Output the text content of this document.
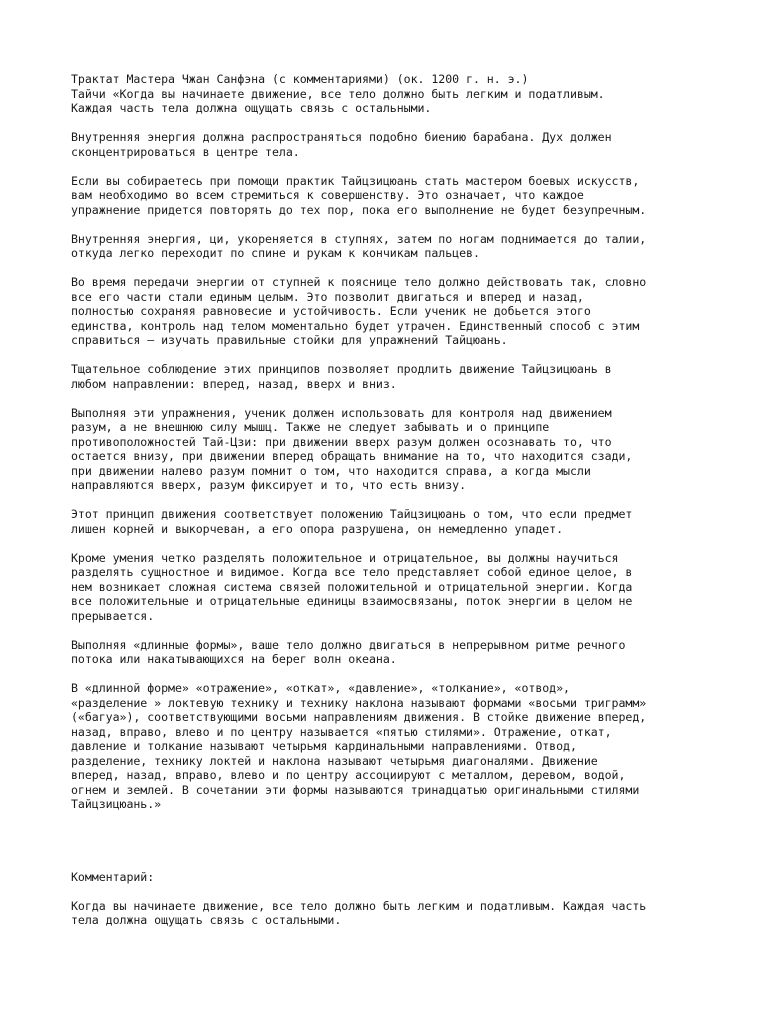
Трактат Мастера Чжан Санфэна (с комментариями) (ок. 1200 г. н. э.)

Тайчи «Когда вы начинаете движение, все тело должно быть легким и податливым.
Каждая часть тела должна ощущать связь с остальными.

Внутренняя энергия должна распространяться подобно биению барабана. Дух должен
сконцентрироваться в центре тела.

Если вы собираетесь при помощи практик Тайцзицюань стать мастером боевых искусств,
вам необходимо во всем стремиться к совершенству. Это означает, что каждое
упражнение придется повторять до тех пор, пока его выполнение не будет безупречным.

Внутренняя энергия, ци, укореняется в ступнях, затем по ногам поднимается до талии,
откуда легко переходит по спине и рукам к кончикам пальцев.

Во время передачи энергии от ступней к пояснице тело должно действовать так, словно
все его части стали единым целым. Это позволит двигаться и вперед и назад,
полностью сохраняя равновесие и устойчивость. Если ученик не добьется этого
единства, контроль над телом моментально будет утрачен. Единственный способ с этим
справиться — изучать правильные стойки для упражнений Тайцюань.

Тщательное соблюдение этих принципов позволяет продлить движение Тайцзицюань в
любом направлении: вперед, назад, вверх и вниз.

Выполняя эти упражнения, ученик должен использовать для контроля над движением
разум, а не внешнюю силу мышц. Также не следует забывать и о принципе
противоположностей Тай-Цзи: при движении вверх разум должен осознавать то, что
остается внизу, при движении вперед обращать внимание на то, что находится сзади,
при движении налево разум помнит о том, что находится справа, а когда мысли
направляются вверх, разум фиксирует и то, что есть внизу.

Этот принцип движения соответствует положению Тайцзицюань о том, что если предмет
лишен корней и выкорчеван, а его опора разрушена, он немедленно упадет.

Кроме умения четко разделять положительное и отрицательное, вы должны научиться
разделять сущностное и видимое. Когда все тело представляет собой единое целое, в
нем возникает сложная система связей положительной и отрицательной энергии. Когда
все положительные и отрицательные единицы взаимосвязаны, поток энергии в целом не
прерывается.

Выполняя «длинные формы», ваше тело должно двигаться в непрерывном ритме речного
потока или накатывающихся на берег волн океана.

В «длинной форме» «отражение», «откат», «давление», «толкание», «отвод»,
«разделение » локтевую технику и технику наклона называют формами «восьми триграмм»
(«багуа»), соответствующими восьми направлениям движения. В стойке движение вперед,
назад, вправо, влево и по центру называется «пятью стилями». Отражение, откат,
давление и толкание называют четырьмя кардинальными направлениями. Отвод,
разделение, технику локтей и наклона называют четырьмя диагоналями. Движение
вперед, назад, вправо, влево и по центру ассоциируют с металлом, деревом, водой,
огнем и землей. В сочетании эти формы называются тринадцатью оригинальными стилями
Тайцзицюань.»

Комментарий:

Когда вы начинаете движение, все тело должно быть легким и податливым. Каждая часть
тела должна ощущать связь с остальными.
